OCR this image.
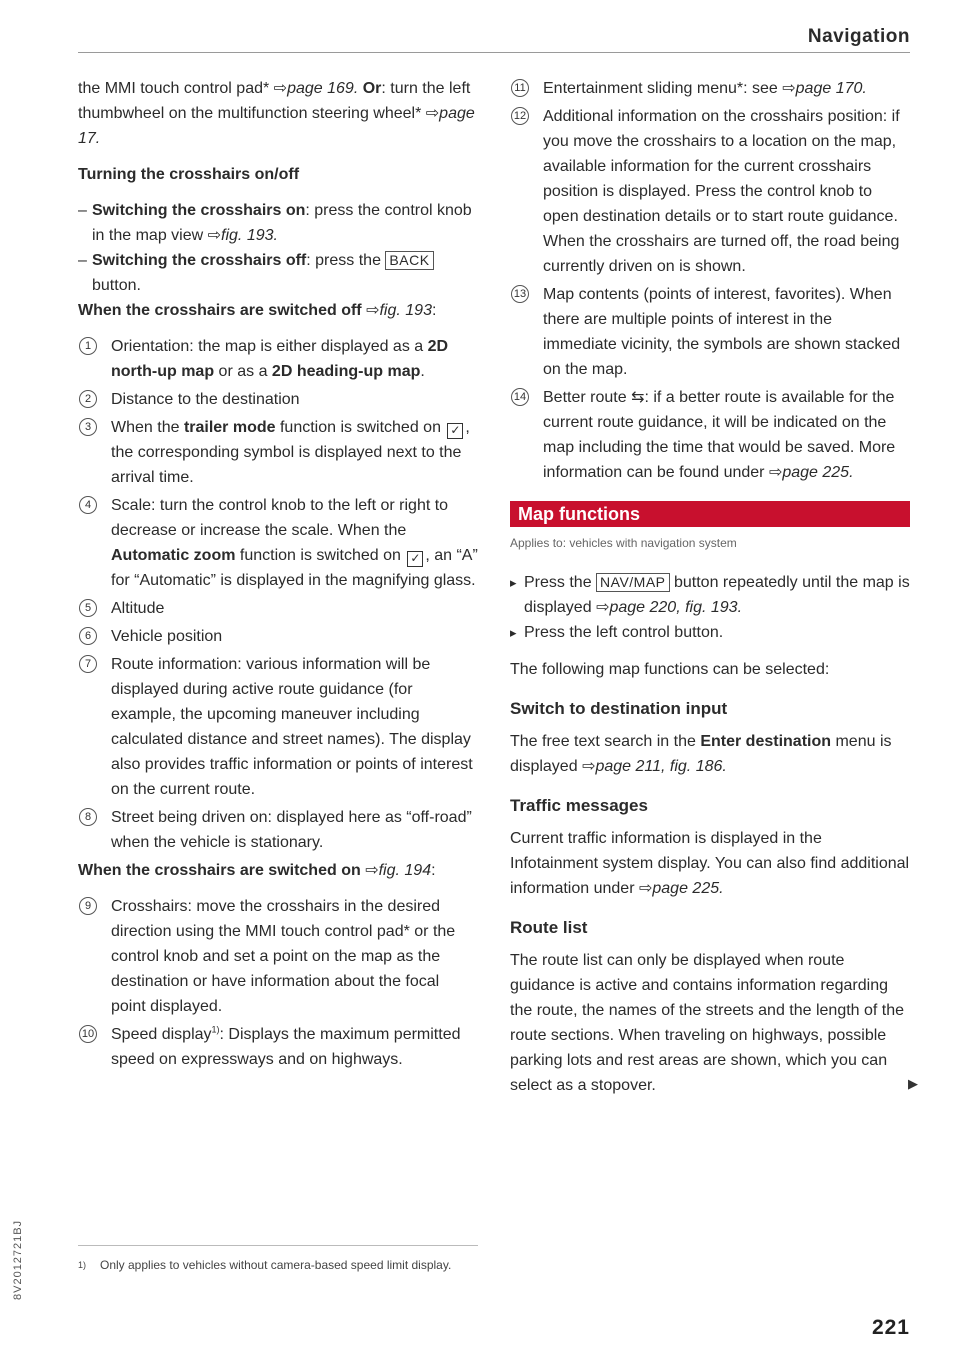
Navigation

the MMI touch control pad* ⇨page 169. Or: turn the left thumbwheel on the multifunction steering wheel* ⇨page 17.

Turning the crosshairs on/off

– Switching the crosshairs on: press the control knob in the map view ⇨fig. 193.

– Switching the crosshairs off: press the BACK button.

When the crosshairs are switched off ⇨fig. 193:

1	Orientation: the map is either displayed as a 2D north-up map or as a 2D heading-up map.
2	Distance to the destination
3	When the trailer mode function is switched on ✓ , the corresponding symbol is displayed next to the arrival time.
4	Scale: turn the control knob to the left or right to decrease or increase the scale. When the Automatic zoom function is switched on ✓ , an “A” for “Automatic” is displayed in the magnifying glass.
5	Altitude
6	Vehicle position
7	Route information: various information will be displayed during active route guidance (for example, the upcoming maneuver including calculated distance and street names). The display also provides traffic information or points of interest on the current route.
8	Street being driven on: displayed here as “off-road” when the vehicle is stationary.

When the crosshairs are switched on ⇨fig. 194:

9	Crosshairs: move the crosshairs in the desired direction using the MMI touch control pad* or the control knob and set a point on the map as the destination or have information about the focal point displayed.
10 Speed display$^{1)}$: Displays the maximum permitted speed on expressways and on highways.
11 Entertainment sliding menu*: see ⇨page 170.
12 Additional information on the crosshairs position: if you move the crosshairs to a location on the map, available information for the current crosshairs position is displayed. Press the control knob to open destination details or to start route guidance. When the crosshairs are turned off, the road being currently driven on is shown.
13 Map contents (points of interest, favorites). When there are multiple points of interest in the immediate vicinity, the symbols are shown stacked on the map.
14 Better route ⇆: if a better route is available for the current route guidance, it will be indicated on the map including the time that would be saved. More information can be found under ⇨page 225.
Map functions
Applies to: vehicles with navigation system

▸ Press the NAV/MAP button repeatedly until the map is displayed ⇨page 220, fig. 193.

▸ Press the left control button.

The following map functions can be selected:

Switch to destination input

The free text search in the Enter destination menu is displayed ⇨page 211, fig. 186.

Traffic messages

Current traffic information is displayed in the Infotainment system display. You can also find additional information under ⇨page 225.

Route list

The route list can only be displayed when route guidance is active and contains information regarding the route, the names of the streets and the length of the route sections. When traveling on highways, possible parking lots and rest areas are shown, which you can select as a stopover.	▶

1)	Only applies to vehicles without camera-based speed limit display.
221
8V2012721BJ
